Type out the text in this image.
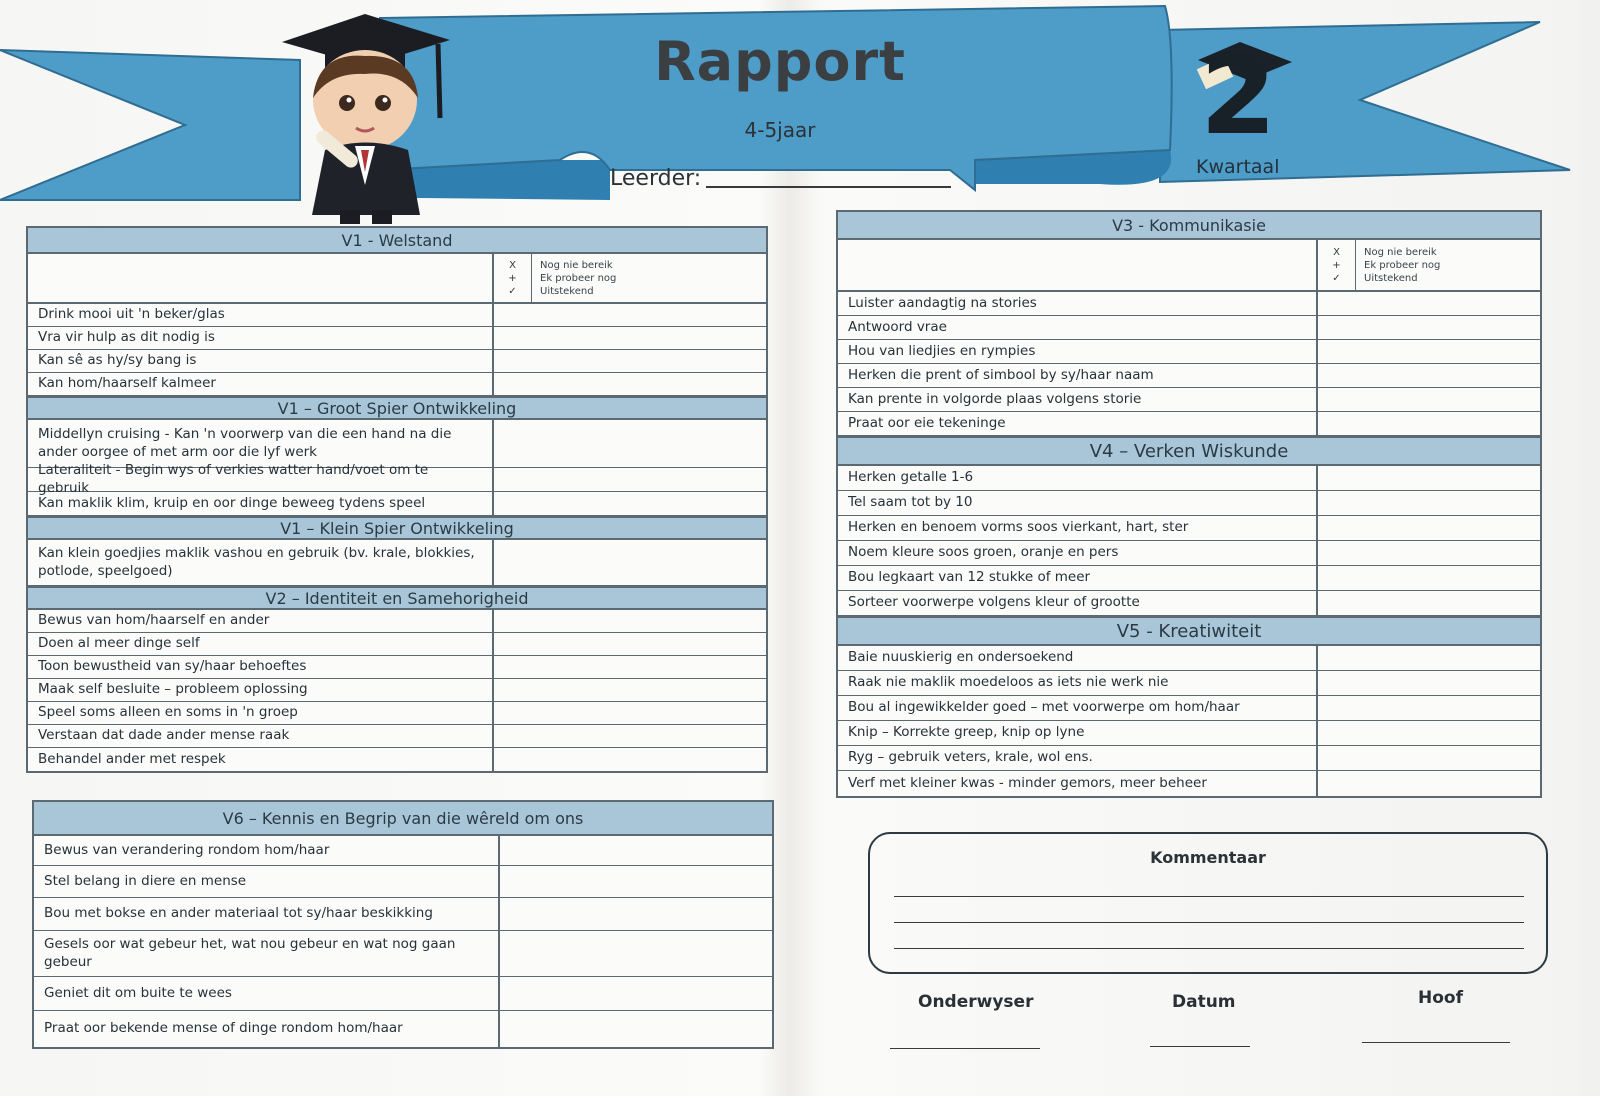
Rapport
4-5jaar
Leerder:
2
Kwartaal
V1 - Welstand
X
+
✓
Nog nie bereik
Ek probeer nog
Uitstekend
Drink mooi uit 'n beker/glas
Vra vir hulp as dit nodig is
Kan sê as hy/sy bang is
Kan hom/haarself kalmeer
V1 – Groot Spier Ontwikkeling
Middellyn cruising - Kan 'n voorwerp van die een hand na die ander oorgee of met arm oor die lyf werk
Lateraliteit - Begin wys of verkies watter hand/voet om te gebruik
Kan maklik klim, kruip en oor dinge beweeg tydens speel
V1 – Klein Spier Ontwikkeling
Kan klein goedjies maklik vashou en gebruik (bv. krale, blokkies, potlode, speelgoed)
V2 – Identiteit en Samehorigheid
Bewus van hom/haarself en ander
Doen al meer dinge self
Toon bewustheid van sy/haar behoeftes
Maak self besluite – probleem oplossing
Speel soms alleen en soms in 'n groep
Verstaan dat dade ander mense raak
Behandel ander met respek
V6 – Kennis en Begrip van die wêreld om ons
Bewus van verandering rondom hom/haar
Stel belang in diere en mense
Bou met bokse en ander materiaal tot sy/haar beskikking
Gesels oor wat gebeur het, wat nou gebeur en wat nog gaan gebeur
Geniet dit om buite te wees
Praat oor bekende mense of dinge rondom hom/haar
V3 - Kommunikasie
X
+
✓
Nog nie bereik
Ek probeer nog
Uitstekend
Luister aandagtig na stories
Antwoord vrae
Hou van liedjies en rympies
Herken die prent of simbool by sy/haar naam
Kan prente in volgorde plaas volgens storie
Praat oor eie tekeninge
V4 – Verken Wiskunde
Herken getalle 1-6
Tel saam tot by 10
Herken en benoem vorms soos vierkant, hart, ster
Noem kleure soos groen, oranje en pers
Bou legkaart van 12 stukke of meer
Sorteer voorwerpe volgens kleur of grootte
V5 - Kreatiwiteit
Baie nuuskierig en ondersoekend
Raak nie maklik moedeloos as iets nie werk nie
Bou al ingewikkelder goed – met voorwerpe om hom/haar
Knip – Korrekte greep, knip op lyne
Ryg – gebruik veters, krale, wol ens.
Verf met kleiner kwas - minder gemors, meer beheer
Kommentaar
Onderwyser	Datum	Hoof
